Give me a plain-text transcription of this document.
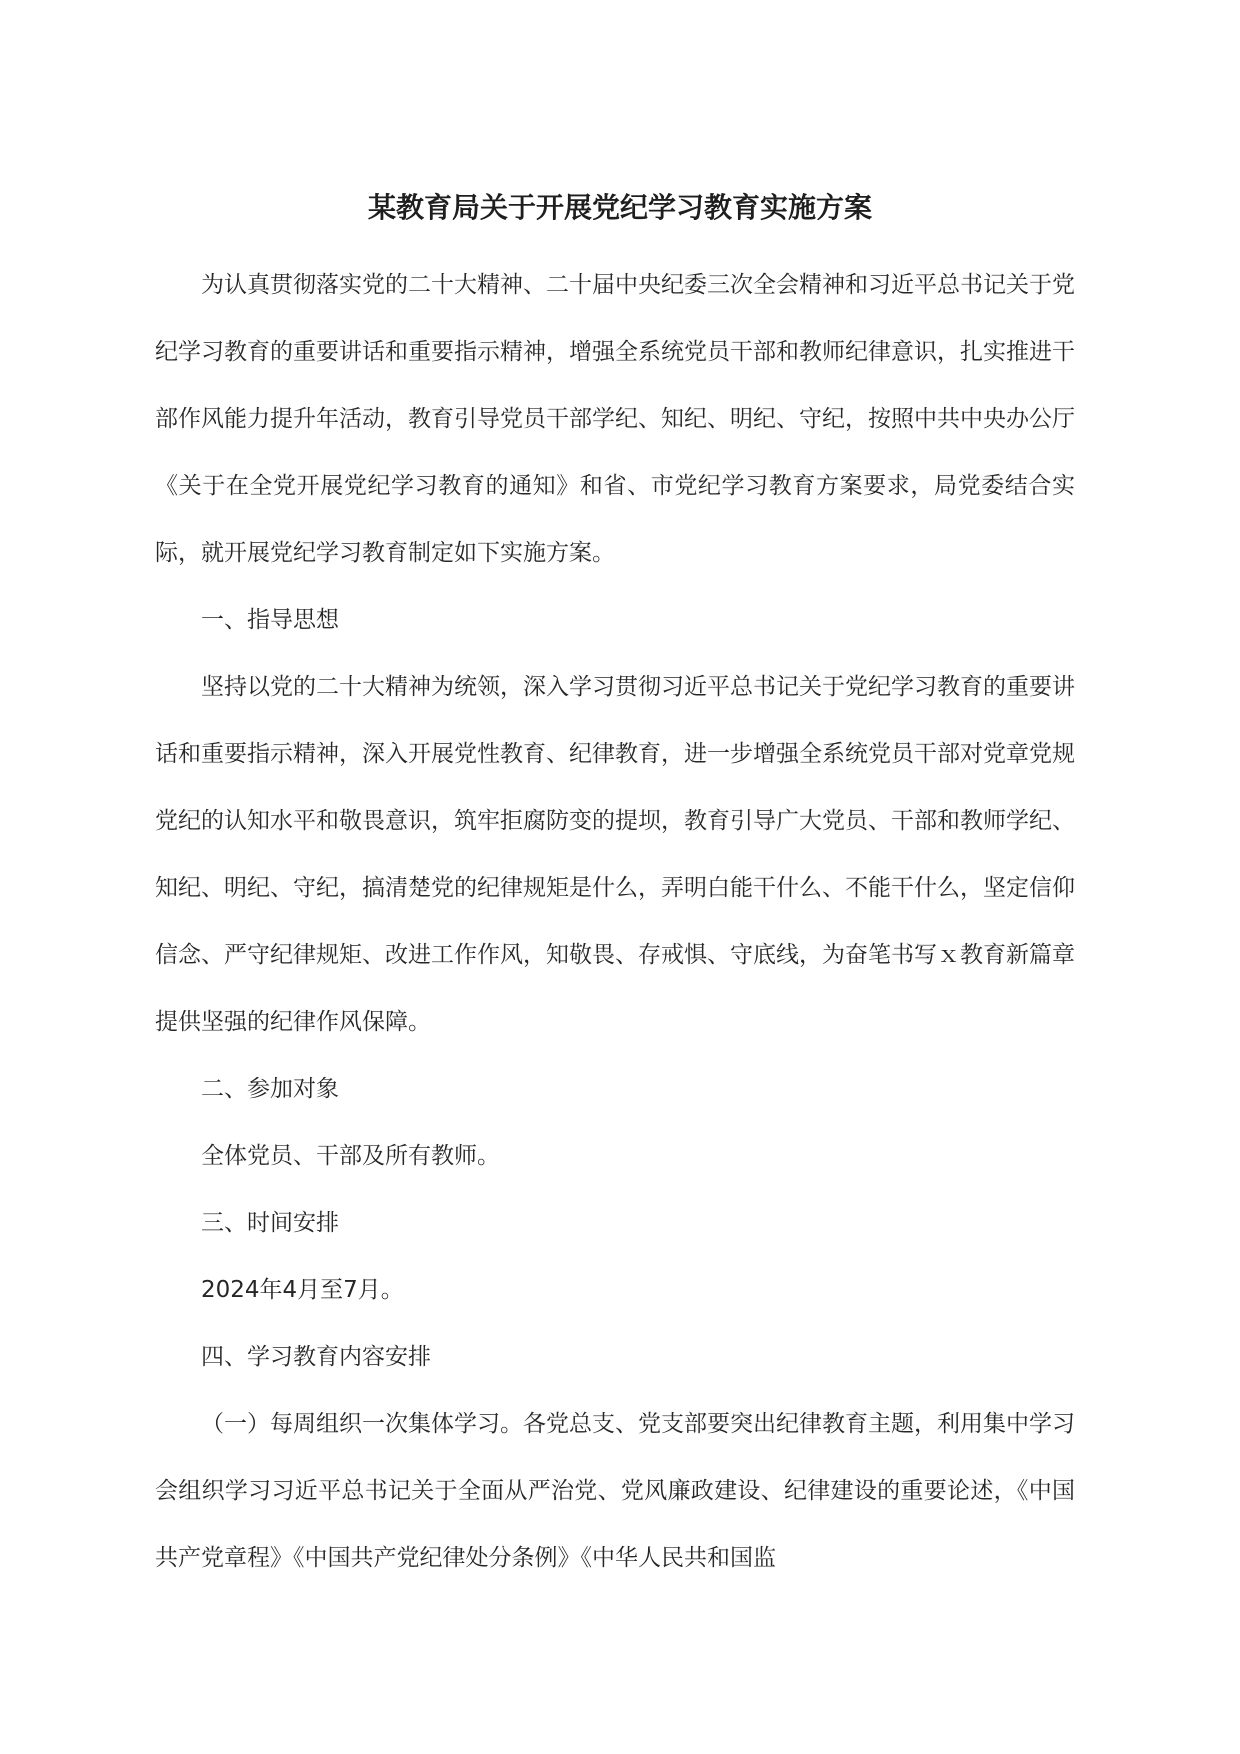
某教育局关于开展党纪学习教育实施方案

为认真贯彻落实党的二十大精神、二十届中央纪委三次全会精神和习近平总书记关于党纪学习教育的重要讲话和重要指示精神，增强全系统党员干部和教师纪律意识，扎实推进干部作风能力提升年活动，教育引导党员干部学纪、知纪、明纪、守纪，按照中共中央办公厅《关于在全党开展党纪学习教育的通知》和省、市党纪学习教育方案要求，局党委结合实际，就开展党纪学习教育制定如下实施方案。

一、指导思想

坚持以党的二十大精神为统领，深入学习贯彻习近平总书记关于党纪学习教育的重要讲话和重要指示精神，深入开展党性教育、纪律教育，进一步增强全系统党员干部对党章党规党纪的认知水平和敬畏意识，筑牢拒腐防变的提坝，教育引导广大党员、干部和教师学纪、知纪、明纪、守纪，搞清楚党的纪律规矩是什么，弄明白能干什么、不能干什么，坚定信仰信念、严守纪律规矩、改进工作作风，知敬畏、存戒惧、守底线，为奋笔书写ｘ教育新篇章提供坚强的纪律作风保障。

二、参加对象

全体党员、干部及所有教师。

三、时间安排

2024年4月至7月。

四、学习教育内容安排

（一）每周组织一次集体学习。各党总支、党支部要突出纪律教育主题，利用集中学习会组织学习习近平总书记关于全面从严治党、党风廉政建设、纪律建设的重要论述，《中国共产党章程》《中国共产党纪律处分条例》《中华人民共和国监
